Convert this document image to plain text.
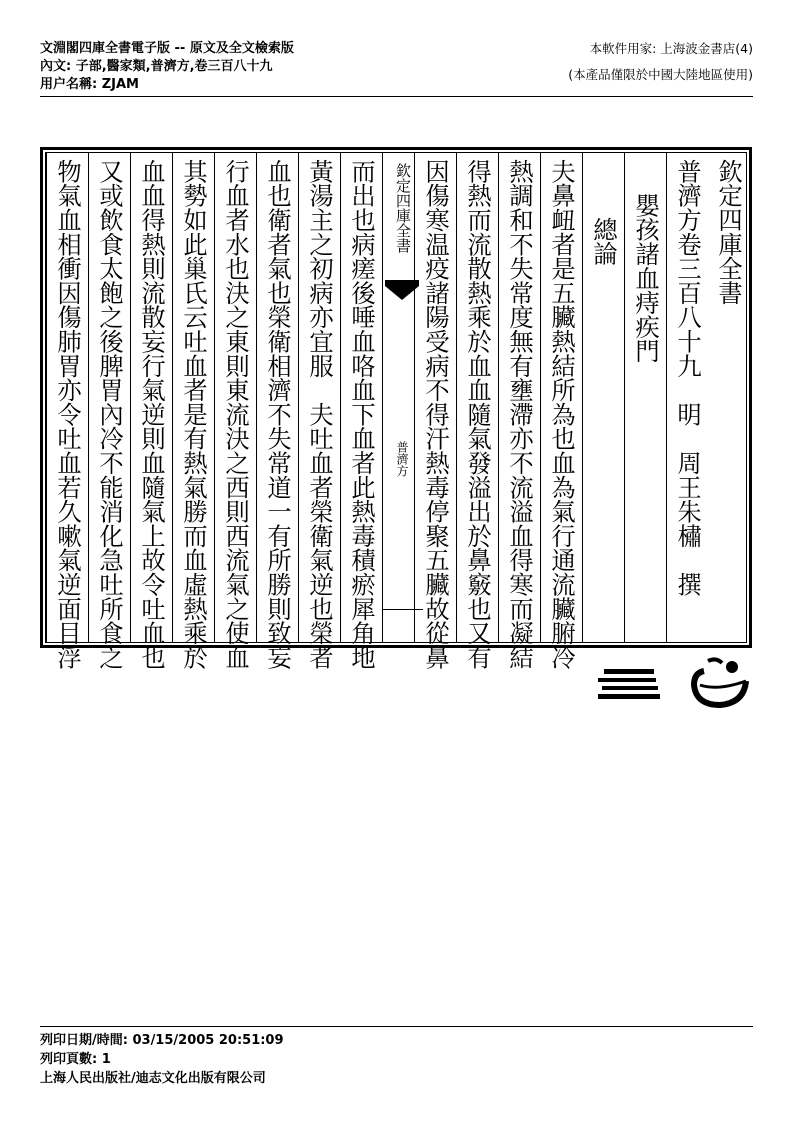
文淵閣四庫全書電子版 -- 原文及全文檢索版
內文: 子部,醫家類,普濟方,卷三百八十九
用户名稱: ZJAM
本軟件用家: 上海波金書店(4)
(本產品僅限於中國大陸地區使用)
欽定四庫全書
普濟方卷三百八十九　明　周王朱橚　撰
嬰孩諸血痔疾門
總論
夫鼻衄者是五臟熱結所為也血為氣行通流臟腑冷
熱調和不失常度無有壅滯亦不流溢血得寒而凝結
得熱而流散熱乘於血血隨氣發溢出於鼻竅也又有
因傷寒温疫諸陽受病不得汗熱毒停聚五臟故從鼻
欽定四庫全書
普濟方
而出也病瘥後唾血咯血下血者此熱毒積瘀犀角地
黃湯主之初病亦宜服　夫吐血者榮衛氣逆也榮者
血也衛者氣也榮衛相濟不失常道一有所勝則致妄
行血者水也決之東則東流決之西則西流氣之使血
其勢如此巢氏云吐血者是有熱氣勝而血虛熱乘於
血血得熱則流散妄行氣逆則血隨氣上故令吐血也
又或飲食太飽之後脾胃內冷不能消化急吐所食之
物氣血相衝因傷肺胃亦令吐血若久嗽氣逆面目浮
列印日期/時間: 03/15/2005 20:51:09
列印頁數: 1
上海人民出版社/迪志文化出版有限公司
